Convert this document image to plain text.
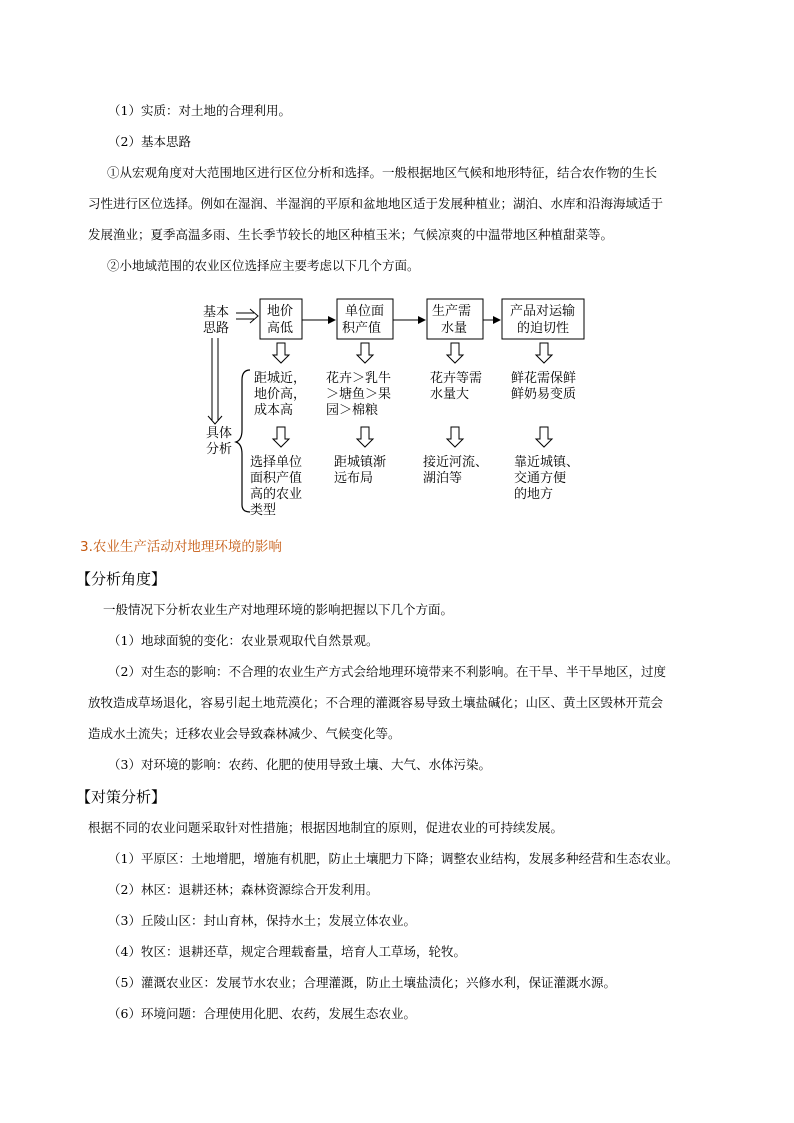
（1）实质：对土地的合理利用。
（2）基本思路
①从宏观角度对大范围地区进行区位分析和选择。一般根据地区气候和地形特征，结合农作物的生长
习性进行区位选择。例如在湿润、半湿润的平原和盆地地区适于发展种植业；湖泊、水库和沿海海域适于
发展渔业；夏季高温多雨、生长季节较长的地区种植玉米；气候凉爽的中温带地区种植甜菜等。
②小地域范围的农业区位选择应主要考虑以下几个方面。
基本
思路
具体
分析
地价
高低
单位面
积产值
生产需
水量
产品对运输
的迫切性
距城近，
地价高，
成本高
花卉＞乳牛
＞塘鱼＞果
园＞棉粮
花卉等需
水量大
鲜花需保鲜
鲜奶易变质
选择单位
面积产值
高的农业
类型
距城镇渐
远布局
接近河流、
湖泊等
靠近城镇、
交通方便
的地方
3.农业生产活动对地理环境的影响
【分析角度】
一般情况下分析农业生产对地理环境的影响把握以下几个方面。
（1）地球面貌的变化：农业景观取代自然景观。
（2）对生态的影响：不合理的农业生产方式会给地理环境带来不利影响。在干旱、半干旱地区，过度
放牧造成草场退化，容易引起土地荒漠化；不合理的灌溉容易导致土壤盐碱化；山区、黄土区毁林开荒会
造成水土流失；迁移农业会导致森林减少、气候变化等。
（3）对环境的影响：农药、化肥的使用导致土壤、大气、水体污染。
【对策分析】
根据不同的农业问题采取针对性措施；根据因地制宜的原则，促进农业的可持续发展。
（1）平原区：土地增肥，增施有机肥，防止土壤肥力下降；调整农业结构，发展多种经营和生态农业。
（2）林区：退耕还林；森林资源综合开发利用。
（3）丘陵山区：封山育林，保持水土；发展立体农业。
（4）牧区：退耕还草，规定合理载畜量，培育人工草场，轮牧。
（5）灌溉农业区：发展节水农业；合理灌溉，防止土壤盐渍化；兴修水利，保证灌溉水源。
（6）环境问题：合理使用化肥、农药，发展生态农业。
